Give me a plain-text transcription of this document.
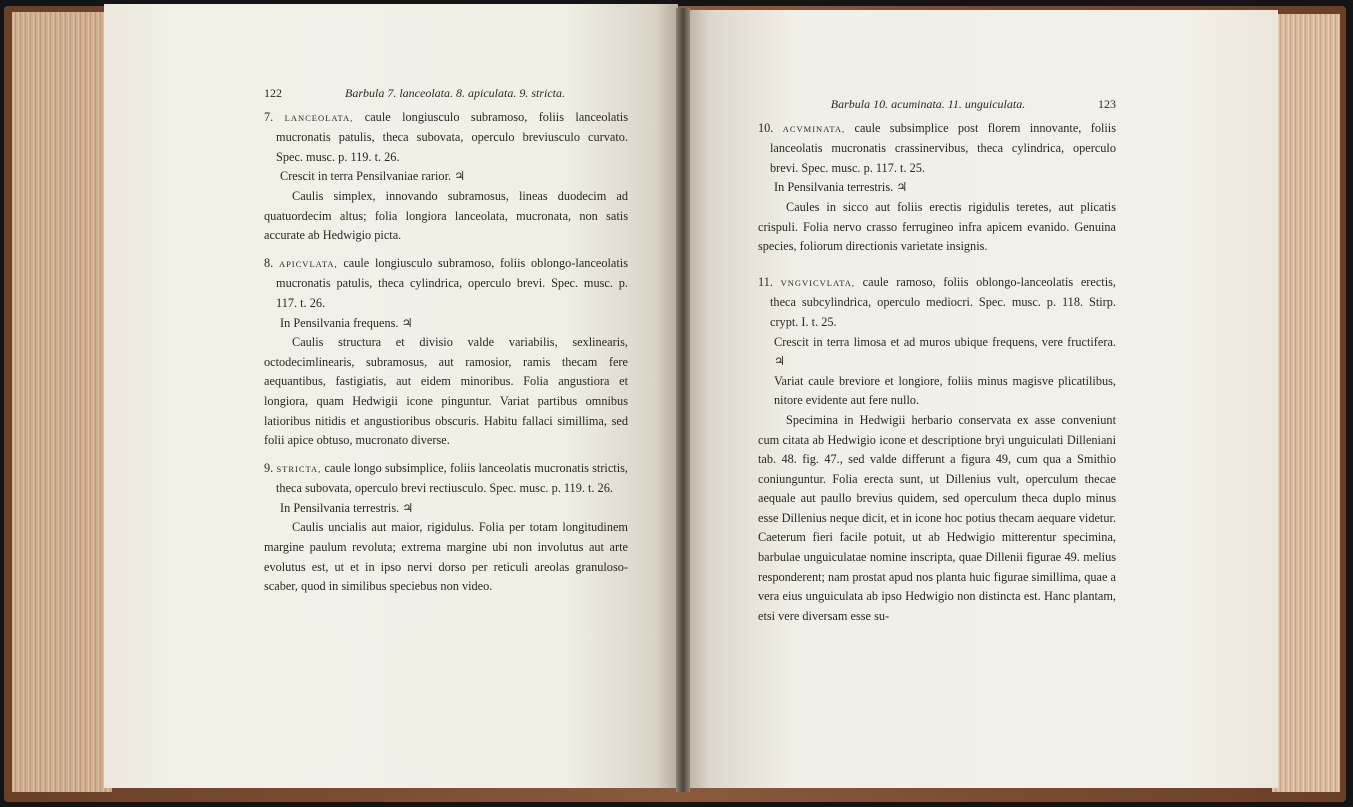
122	Barbula 7. lanceolata. 8. apiculata. 9. stricta.

7. LANCEOLATA, caule longiusculo subramoso, foliis lanceolatis mucronatis patulis, theca subovata, operculo breviusculo curvato. Spec. musc. p. 119. t. 26.

Crescit in terra Pensilvaniae rarior. ♃

Caulis simplex, innovando subramosus, lineas duodecim ad quatuordecim altus; folia longiora lanceolata, mucronata, non satis accurate ab Hedwigio picta.

8. APICVLATA, caule longiusculo subramoso, foliis oblongo-lanceolatis mucronatis patulis, theca cylindrica, operculo brevi. Spec. musc. p. 117. t. 26.

In Pensilvania frequens. ♃

Caulis structura et divisio valde variabilis, sexlinearis, octodecimlinearis, subramosus, aut ramosior, ramis thecam fere aequantibus, fastigiatis, aut eidem minoribus. Folia angustiora et longiora, quam Hedwigii icone pinguntur. Variat partibus omnibus latioribus nitidis et angustioribus obscuris. Habitu fallaci simillima, sed folii apice obtuso, mucronato diverse.

9. STRICTA, caule longo subsimplice, foliis lanceolatis mucronatis strictis, theca subovata, operculo brevi rectiusculo. Spec. musc. p. 119. t. 26.

In Pensilvania terrestris. ♃

Caulis uncialis aut maior, rigidulus. Folia per totam longitudinem margine paulum revoluta; extrema margine ubi non involutus aut arte evolutus est, ut et in ipso nervi dorso per reticuli areolas granuloso-scaber, quod in similibus speciebus non video.

Barbula 10. acuminata. 11. unguiculata.	123

10. ACVMINATA, caule subsimplice post florem innovante, foliis lanceolatis mucronatis crassinervibus, theca cylindrica, operculo brevi. Spec. musc. p. 117. t. 25.

In Pensilvania terrestris. ♃

Caules in sicco aut foliis erectis rigidulis teretes, aut plicatis crispuli. Folia nervo crasso ferrugineo infra apicem evanido. Genuina species, foliorum directionis varietate insignis.

11. VNGVICVLATA, caule ramoso, foliis oblongo-lanceolatis erectis, theca subcylindrica, operculo mediocri. Spec. musc. p. 118. Stirp. crypt. I. t. 25.

Crescit in terra limosa et ad muros ubique frequens, vere fructifera. ♃

Variat caule breviore et longiore, foliis minus magisve plicatilibus, nitore evidente aut fere nullo.

Specimina in Hedwigii herbario conservata ex asse conveniunt cum citata ab Hedwigio icone et descriptione bryi unguiculati Dilleniani tab. 48. fig. 47., sed valde differunt a figura 49, cum qua a Smithio coniunguntur. Folia erecta sunt, ut Dillenius vult, operculum thecae aequale aut paullo brevius quidem, sed operculum theca duplo minus esse Dillenius neque dicit, et in icone hoc potius thecam aequare videtur. Caeterum fieri facile potuit, ut ab Hedwigio mitterentur specimina, barbulae unguiculatae nomine inscripta, quae Dillenii figurae 49. melius responderent; nam prostat apud nos planta huic figurae simillima, quae a vera eius unguiculata ab ipso Hedwigio non distincta est. Hanc plantam, etsi vere diversam esse su-
